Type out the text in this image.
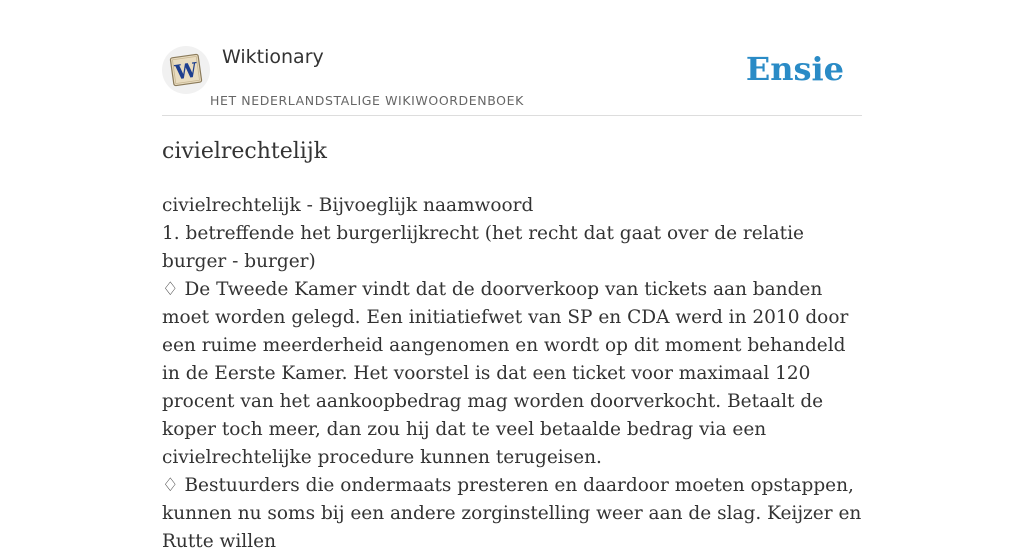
W
Wiktionary
HET NEDERLANDSTALIGE WIKIWOORDENBOEK
Ensie
civielrechtelijk

civielrechtelijk - Bijvoeglijk naamwoord

1. betreffende het burgerlijkrecht (het recht dat gaat over de relatie burger - burger)

♢ De Tweede Kamer vindt dat de doorverkoop van tickets aan banden moet worden gelegd. Een initiatiefwet van SP en CDA werd in 2010 door een ruime meerderheid aangenomen en wordt op dit moment behandeld in de Eerste Kamer. Het voorstel is dat een ticket voor maximaal 120 procent van het aankoopbedrag mag worden doorverkocht. Betaalt de koper toch meer, dan zou hij dat te veel betaalde bedrag via een civielrechtelijke procedure kunnen terugeisen.

♢ Bestuurders die ondermaats presteren en daardoor moeten opstappen, kunnen nu soms bij een andere zorginstelling weer aan de slag. Keijzer en Rutte willen
